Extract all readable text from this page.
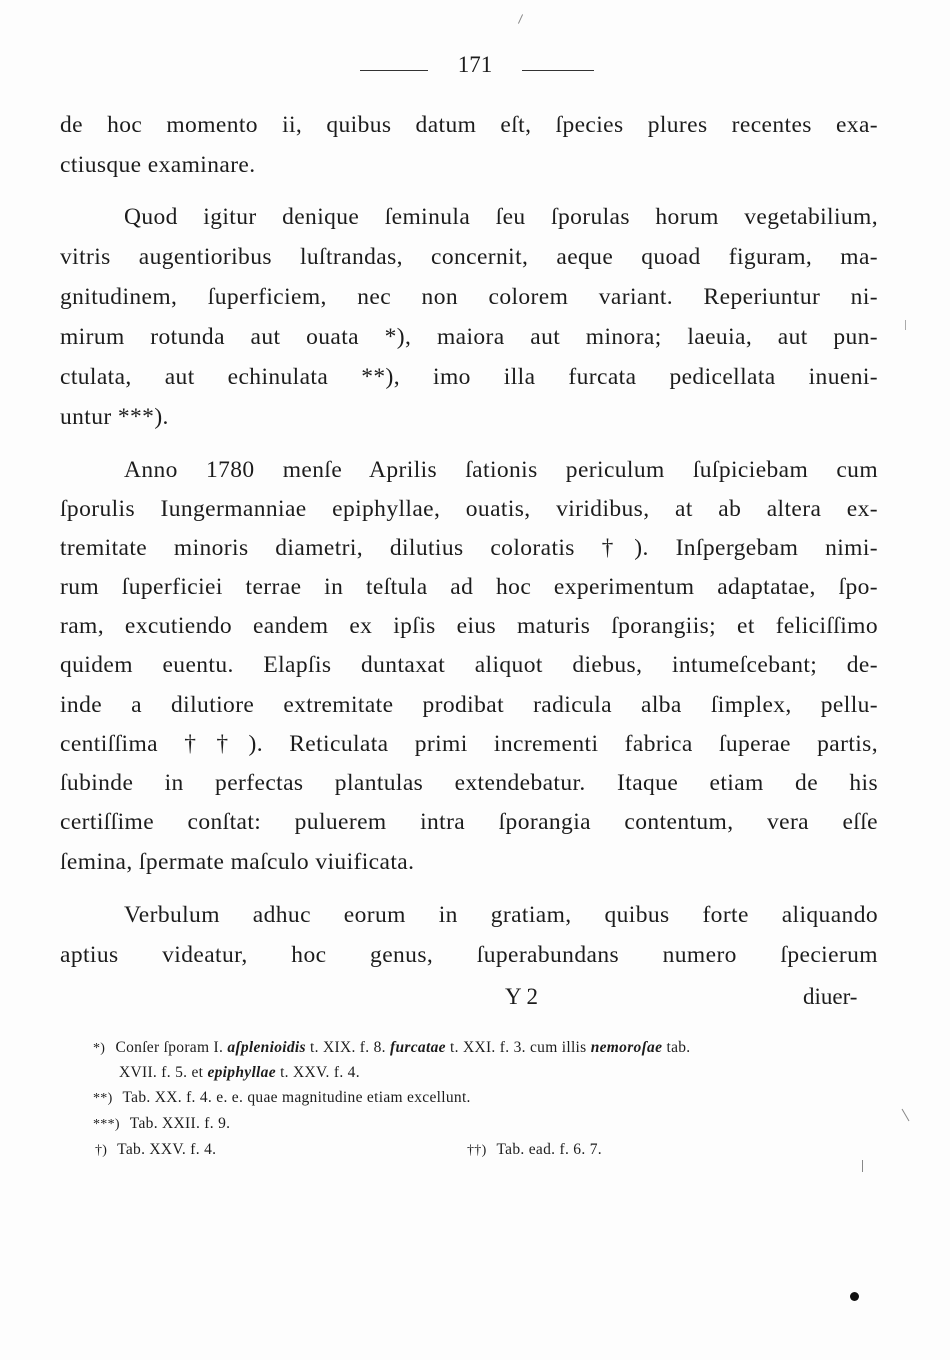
171
de hoc momento ii, quibus datum eſt, ſpecies plures recentes exa-
ctiusque examinare.
Quod igitur denique ſeminula ſeu ſporulas horum vegetabilium,
vitris augentioribus luſtrandas, concernit, aeque quoad figuram, ma-
gnitudinem, ſuperficiem, nec non colorem variant. Reperiuntur ni-
mirum rotunda aut ouata *), maiora aut minora; laeuia, aut pun-
ctulata, aut echinulata **), imo illa furcata pedicellata inueni-
untur ***).
Anno 1780 menſe Aprilis ſationis periculum ſuſpiciebam cum
ſporulis Iungermanniae epiphyllae, ouatis, viridibus, at ab altera ex-
tremitate minoris diametri, dilutius coloratis †). Inſpergebam nimi-
rum ſuperficiei terrae in teſtula ad hoc experimentum adaptatae, ſpo-
ram, excutiendo eandem ex ipſis eius maturis ſporangiis; et feliciſſimo
quidem euentu. Elapſis duntaxat aliquot diebus, intumeſcebant; de-
inde a dilutiore extremitate prodibat radicula alba ſimplex, pellu-
centiſſima ††). Reticulata primi incrementi fabrica ſuperae partis,
ſubinde in perfectas plantulas extendebatur. Itaque etiam de his
certiſſime conſtat: puluerem intra ſporangia contentum, vera eſſe
ſemina, ſpermate maſculo viuificata.
Verbulum adhuc eorum in gratiam, quibus forte aliquando
aptius videatur, hoc genus, ſuperabundans numero ſpecierum
Y 2	diuer-
*) Conſer ſporam I. aſplenioidis t. XIX. f. 8. furcatae t. XXI. f. 3. cum illis nemoroſae tab.
XVII. f. 5. et epiphyllae t. XXV. f. 4.
**) Tab. XX. f. 4. e. e. quae magnitudine etiam excellunt.
***) Tab. XXII. f. 9.
†) Tab. XXV. f. 4.	††) Tab. ead. f. 6. 7.
